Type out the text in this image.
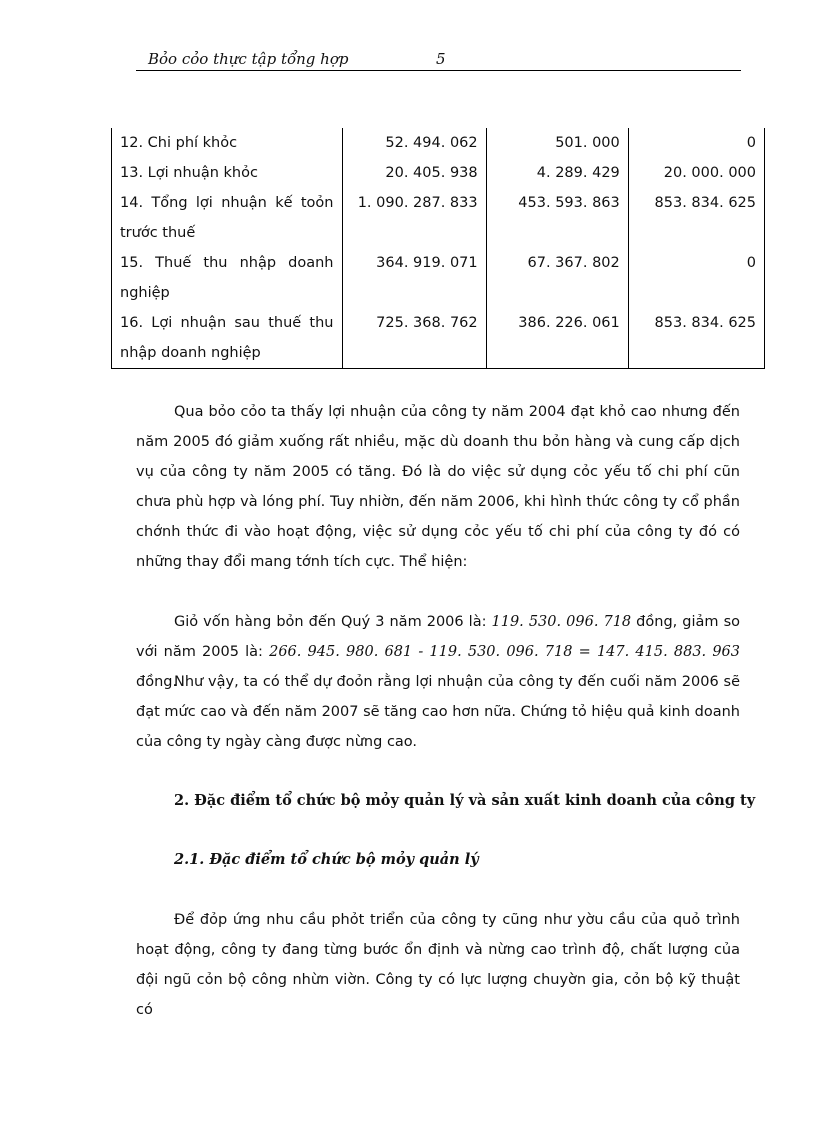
Bỏo cỏo thực tập tổng hợp	5
12. Chi phí khỏc	52. 494. 062	501. 000	0
13. Lợi nhuận khỏc	20. 405. 938	4. 289. 429	20. 000. 000
14. Tổng lợi nhuận kế toỏn trước thuế	1. 090. 287. 833	453. 593. 863	853. 834. 625
15. Thuế thu nhập doanh nghiệp	364. 919. 071	67. 367. 802	0
16. Lợi nhuận sau thuế thu nhập doanh nghiệp	725. 368. 762	386. 226. 061	853. 834. 625

Qua bỏo cỏo ta thấy lợi nhuận của công ty năm 2004 đạt khỏ cao nhưng đến năm 2005 đó giảm xuống rất nhiều, mặc dù doanh thu bỏn hàng và cung cấp dịch vụ của công ty năm 2005 có tăng. Đó là do việc sử dụng cỏc yếu tố chi phí cũn chưa phù hợp và lóng phí. Tuy nhiờn, đến năm 2006, khi hình thức công ty cổ phần chớnh thức đi vào hoạt động, việc sử dụng cỏc yếu tố chi phí của công ty đó có những thay đổi mang tớnh tích cực. Thể hiện:

Giỏ vốn hàng bỏn đến Quý 3 năm 2006 là: 119. 530. 096. 718 đồng, giảm so với năm 2005 là: 266. 945. 980. 681 - 119. 530. 096. 718 = 147. 415. 883. 963 đồng.

Như vậy, ta có thể dự đoỏn rằng lợi nhuận của công ty đến cuối năm 2006 sẽ đạt mức cao và đến năm 2007 sẽ tăng cao hơn nữa. Chứng tỏ hiệu quả kinh doanh của công ty ngày càng được nừng cao.

2. Đặc điểm tổ chức bộ mỏy quản lý và sản xuất kinh doanh của công ty
2.1. Đặc điểm tổ chức bộ mỏy quản lý

Để đỏp ứng nhu cầu phỏt triển của công ty cũng như yờu cầu của quỏ trình hoạt động, công ty đang từng bước ổn định và nừng cao trình độ, chất lượng của đội ngũ cỏn bộ công nhừn viờn. Công ty có lực lượng chuyờn gia, cỏn bộ kỹ thuật có
